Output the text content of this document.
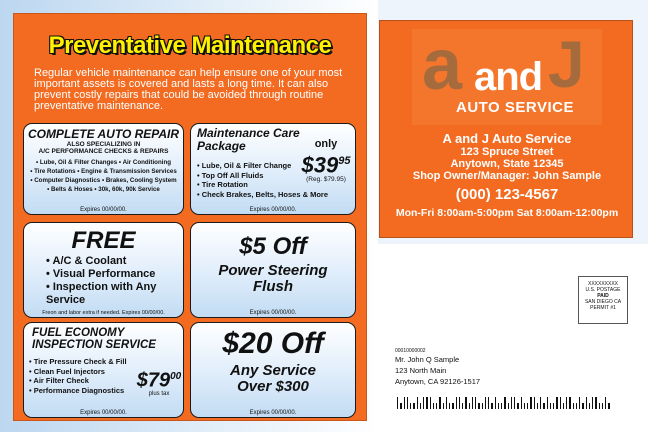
Preventative Maintenance
Regular vehicle maintenance can help ensure one of your most important assets is covered and lasts a long time. It can also prevent costly repairs that could be avoided through routine preventative maintenance.
COMPLETE AUTO REPAIR
ALSO SPECIALIZING IN
A/C PERFORMANCE CHECKS & REPAIRS
• Lube, Oil & Filter Changes • Air Conditioning
• Tire Rotations • Engine & Transmission Services
• Computer Diagnostics • Brakes, Cooling System
• Belts & Hoses • 30k, 60k, 90k Service
Expires 00/00/00.
Maintenance Care
Package	only
$\$39^{95}$
(Reg. $79.95)
• Lube, Oil & Filter Change
• Top Off All Fluids
• Tire Rotation
• Check Brakes, Belts, Hoses & More
Expires 00/00/00.
FREE
• A/C & Coolant
• Visual Performance
• Inspection with Any Service
Freon and labor extra if needed. Expires 00/00/00.
$5 Off
Power Steering
Flush
Expires 00/00/00.
FUEL ECONOMY
INSPECTION SERVICE
• Tire Pressure Check & Fill
• Clean Fuel Injectors
• Air Filter Check
• Performance Diagnostics $\$79^{00}$
plus tax
Expires 00/00/00.
$20 Off
Any Service
Over $300
Expires 00/00/00.
a J
and
AUTO SERVICE
A and J Auto Service
123 Spruce Street
Anytown, State 12345
Shop Owner/Manager: John Sample
(000) 123-4567
Mon-Fri 8:00am-5:00pm Sat 8:00am-12:00pm
XXXXXXXXX
U.S. POSTAGE
PAID
SAN DIEGO CA
PERMIT #1
00010000002
Mr. John Q Sample
123 North Main
Anytown, CA 92126-1517
